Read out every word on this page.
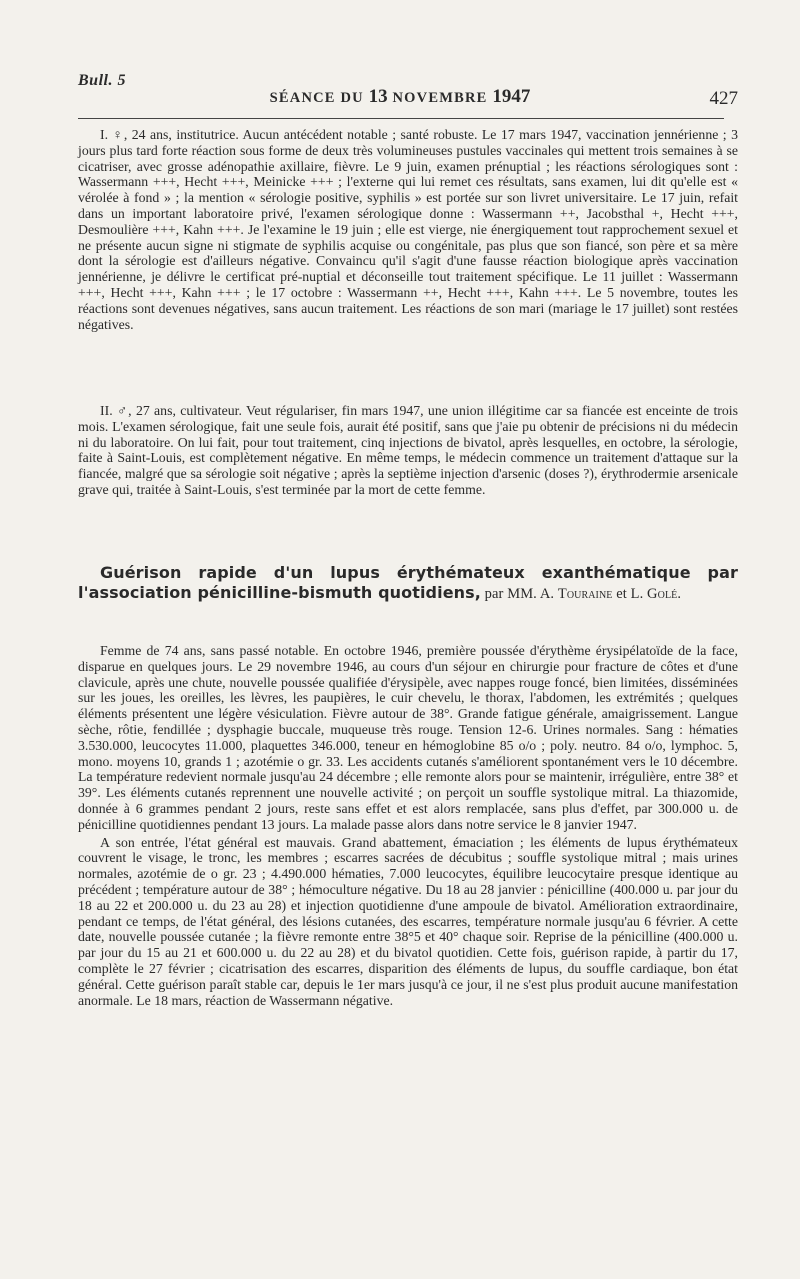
Bull. 5
SÉANCE DU 13 NOVEMBRE 1947	427

I. ♀, 24 ans, institutrice. Aucun antécédent notable ; santé robuste. Le 17 mars 1947, vaccination jennérienne ; 3 jours plus tard forte réaction sous forme de deux très volumineuses pustules vaccinales qui mettent trois semaines à se cicatriser, avec grosse adénopathie axillaire, fièvre. Le 9 juin, examen prénuptial ; les réactions sérologiques sont : Wassermann +++, Hecht +++, Meinicke +++ ; l'externe qui lui remet ces résultats, sans examen, lui dit qu'elle est « vérolée à fond » ; la mention « sérologie positive, syphilis » est portée sur son livret universitaire. Le 17 juin, refait dans un important laboratoire privé, l'examen sérologique donne : Wassermann ++, Jacobsthal +, Hecht +++, Desmoulière +++, Kahn +++. Je l'examine le 19 juin ; elle est vierge, nie énergiquement tout rapprochement sexuel et ne présente aucun signe ni stigmate de syphilis acquise ou congénitale, pas plus que son fiancé, son père et sa mère dont la sérologie est d'ailleurs négative. Convaincu qu'il s'agit d'une fausse réaction biologique après vaccination jennérienne, je délivre le certificat pré-nuptial et déconseille tout traitement spécifique. Le 11 juillet : Wassermann +++, Hecht +++, Kahn +++ ; le 17 octobre : Wassermann ++, Hecht +++, Kahn +++. Le 5 novembre, toutes les réactions sont devenues négatives, sans aucun traitement. Les réactions de son mari (mariage le 17 juillet) sont restées négatives.

II. ♂, 27 ans, cultivateur. Veut régulariser, fin mars 1947, une union illégitime car sa fiancée est enceinte de trois mois. L'examen sérologique, fait une seule fois, aurait été positif, sans que j'aie pu obtenir de précisions ni du médecin ni du laboratoire. On lui fait, pour tout traitement, cinq injections de bivatol, après lesquelles, en octobre, la sérologie, faite à Saint-Louis, est complètement négative. En même temps, le médecin commence un traitement d'attaque sur la fiancée, malgré que sa sérologie soit négative ; après la septième injection d'arsenic (doses ?), érythrodermie arsenicale grave qui, traitée à Saint-Louis, s'est terminée par la mort de cette femme.

Guérison rapide d'un lupus érythémateux exanthématique par l'association pénicilline-bismuth quotidiens, par MM. A. Touraine et L. Golé.

Femme de 74 ans, sans passé notable. En octobre 1946, première poussée d'érythème érysipélatoïde de la face, disparue en quelques jours. Le 29 novembre 1946, au cours d'un séjour en chirurgie pour fracture de côtes et d'une clavicule, après une chute, nouvelle poussée qualifiée d'érysipèle, avec nappes rouge foncé, bien limitées, disséminées sur les joues, les oreilles, les lèvres, les paupières, le cuir chevelu, le thorax, l'abdomen, les extrémités ; quelques éléments présentent une légère vésiculation. Fièvre autour de 38°. Grande fatigue générale, amaigrissement. Langue sèche, rôtie, fendillée ; dysphagie buccale, muqueuse très rouge. Tension 12-6. Urines normales. Sang : hématies 3.530.000, leucocytes 11.000, plaquettes 346.000, teneur en hémoglobine 85 o/o ; poly. neutro. 84 o/o, lymphoc. 5, mono. moyens 10, grands 1 ; azotémie o gr. 33. Les accidents cutanés s'améliorent spontanément vers le 10 décembre. La température redevient normale jusqu'au 24 décembre ; elle remonte alors pour se maintenir, irrégulière, entre 38° et 39°. Les éléments cutanés reprennent une nouvelle activité ; on perçoit un souffle systolique mitral. La thiazomide, donnée à 6 grammes pendant 2 jours, reste sans effet et est alors remplacée, sans plus d'effet, par 300.000 u. de pénicilline quotidiennes pendant 13 jours. La malade passe alors dans notre service le 8 janvier 1947.

A son entrée, l'état général est mauvais. Grand abattement, émaciation ; les éléments de lupus érythémateux couvrent le visage, le tronc, les membres ; escarres sacrées de décubitus ; souffle systolique mitral ; mais urines normales, azotémie de o gr. 23 ; 4.490.000 hématies, 7.000 leucocytes, équilibre leucocytaire presque identique au précédent ; température autour de 38° ; hémoculture négative. Du 18 au 28 janvier : pénicilline (400.000 u. par jour du 18 au 22 et 200.000 u. du 23 au 28) et injection quotidienne d'une ampoule de bivatol. Amélioration extraordinaire, pendant ce temps, de l'état général, des lésions cutanées, des escarres, température normale jusqu'au 6 février. A cette date, nouvelle poussée cutanée ; la fièvre remonte entre 38°5 et 40° chaque soir. Reprise de la pénicilline (400.000 u. par jour du 15 au 21 et 600.000 u. du 22 au 28) et du bivatol quotidien. Cette fois, guérison rapide, à partir du 17, complète le 27 février ; cicatrisation des escarres, disparition des éléments de lupus, du souffle cardiaque, bon état général. Cette guérison paraît stable car, depuis le 1er mars jusqu'à ce jour, il ne s'est plus produit aucune manifestation anormale. Le 18 mars, réaction de Wassermann négative.
